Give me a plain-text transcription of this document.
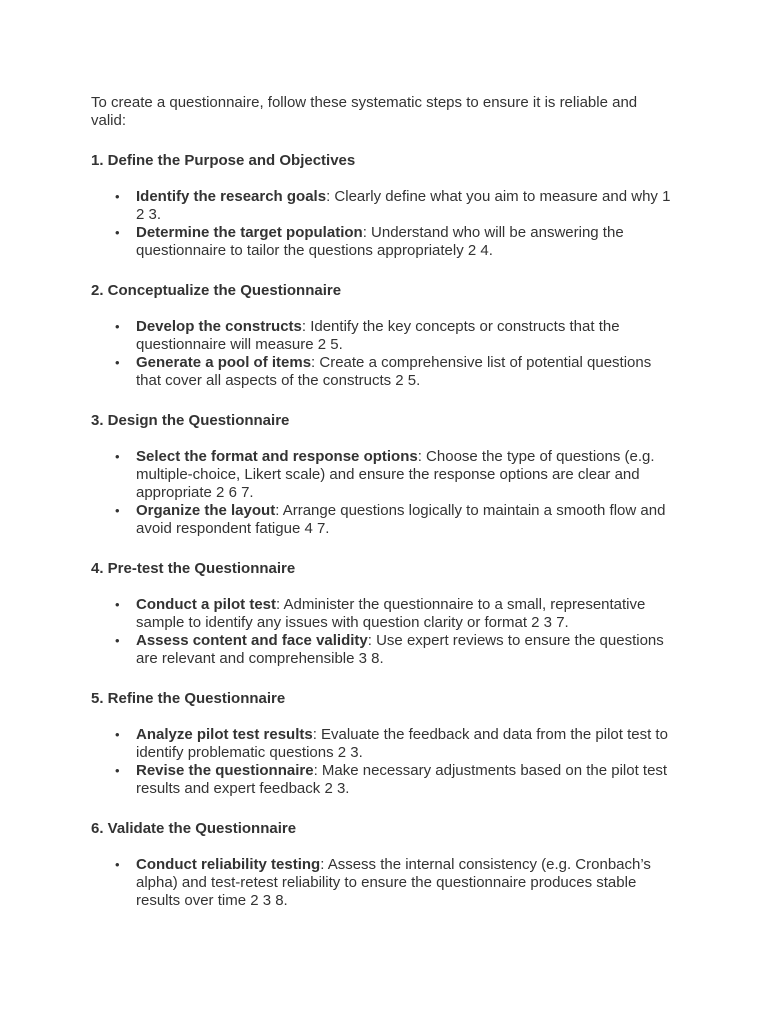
To create a questionnaire, follow these systematic steps to ensure it is reliable and valid:

1. Define the Purpose and Objectives
• Identify the research goals: Clearly define what you aim to measure and why 1 2 3.
• Determine the target population: Understand who will be answering the questionnaire to tailor the questions appropriately 2 4.
2. Conceptualize the Questionnaire
• Develop the constructs: Identify the key concepts or constructs that the questionnaire will measure 2 5.
• Generate a pool of items: Create a comprehensive list of potential questions that cover all aspects of the constructs 2 5.
3. Design the Questionnaire
• Select the format and response options: Choose the type of questions (e.g. multiple-choice, Likert scale) and ensure the response options are clear and appropriate 2 6 7.
• Organize the layout: Arrange questions logically to maintain a smooth flow and avoid respondent fatigue 4 7.
4. Pre-test the Questionnaire
• Conduct a pilot test: Administer the questionnaire to a small, representative sample to identify any issues with question clarity or format 2 3 7.
• Assess content and face validity: Use expert reviews to ensure the questions are relevant and comprehensible 3 8.
5. Refine the Questionnaire
• Analyze pilot test results: Evaluate the feedback and data from the pilot test to identify problematic questions 2 3.
• Revise the questionnaire: Make necessary adjustments based on the pilot test results and expert feedback 2 3.
6. Validate the Questionnaire
• Conduct reliability testing: Assess the internal consistency (e.g. Cronbach’s alpha) and test-retest reliability to ensure the questionnaire produces stable results over time 2 3 8.
